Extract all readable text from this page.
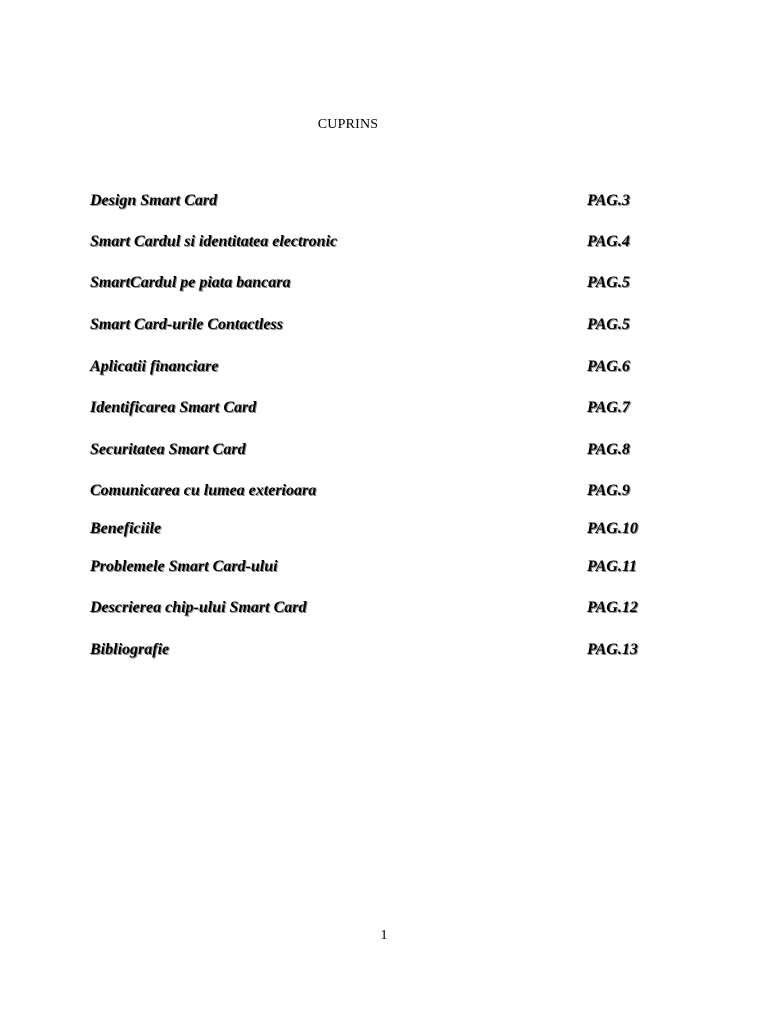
CUPRINS
Design Smart Card	PAG.3
Smart Cardul si identitatea electronic	PAG.4
SmartCardul pe piata bancara	PAG.5
Smart Card-urile Contactless	PAG.5
Aplicatii financiare	PAG.6
Identificarea Smart Card	PAG.7
Securitatea Smart Card	PAG.8
Comunicarea cu lumea exterioara	PAG.9
Beneficiile	PAG.10
Problemele Smart Card-ului	PAG.11
Descrierea chip-ului Smart Card	PAG.12
Bibliografie	PAG.13
1
